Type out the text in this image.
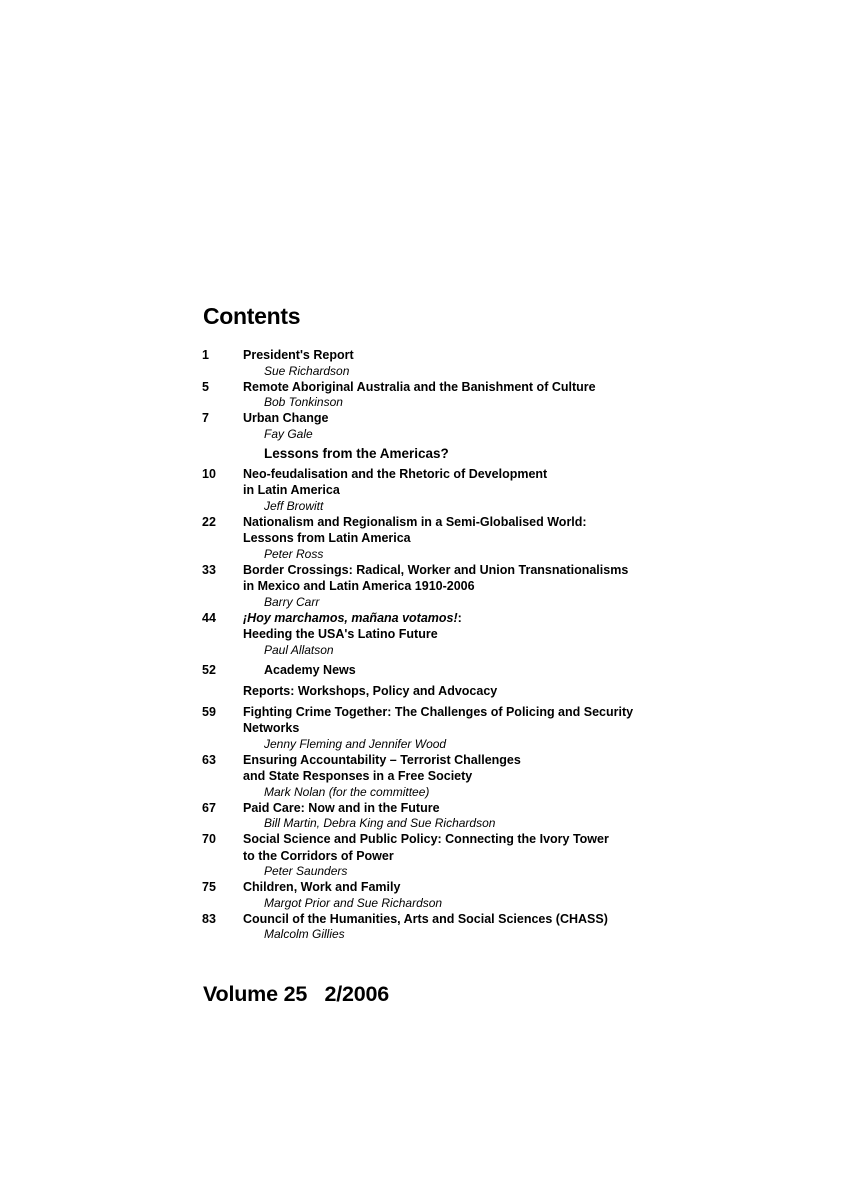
Contents
1	President's Report
Sue Richardson
5	Remote Aboriginal Australia and the Banishment of Culture
Bob Tonkinson
7	Urban Change
Fay Gale
Lessons from the Americas?
10	Neo-feudalisation and the Rhetoric of Development
in Latin America
Jeff Browitt
22	Nationalism and Regionalism in a Semi-Globalised World:
Lessons from Latin America
Peter Ross
33	Border Crossings: Radical, Worker and Union Transnationalisms
in Mexico and Latin America 1910-2006
Barry Carr
44	¡Hoy marchamos, mañana votamos!:
Heeding the USA's Latino Future
Paul Allatson
52	Academy News
Reports: Workshops, Policy and Advocacy
59	Fighting Crime Together: The Challenges of Policing and Security
Networks
Jenny Fleming and Jennifer Wood
63	Ensuring Accountability – Terrorist Challenges
and State Responses in a Free Society
Mark Nolan (for the committee)
67	Paid Care: Now and in the Future
Bill Martin, Debra King and Sue Richardson
70	Social Science and Public Policy: Connecting the Ivory Tower
to the Corridors of Power
Peter Saunders
75	Children, Work and Family
Margot Prior and Sue Richardson
83	Council of the Humanities, Arts and Social Sciences (CHASS)
Malcolm Gillies
Volume 25   2/2006
